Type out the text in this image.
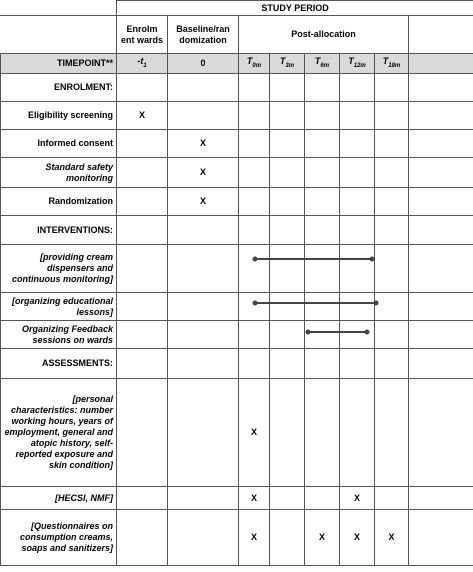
	STUDY PERIOD							
	Enrolm ent wards	Baseline/ran domization	Post-allocation					
TIMEPOINT**	$-t_1$	0	$T_{0m}$	$T_{3m}$	$T_{6m}$	$T_{12m}$	$T_{18m}$	
ENROLMENT:								
Eligibility screening	X							
Informed consent		X						
Standard safety monitoring		X						
Randomization		X						
INTERVENTIONS:								
[providing cream dispensers and continuous monitoring]								
[organizing educational lessons]								
Organizing Feedback sessions on wards								
ASSESSMENTS:								
[personal characteristics: number working hours, years of employment, general and atopic history, self-reported exposure and skin condition]			X					
[HECSI, NMF]			X			X		
[Questionnaires on consumption creams, soaps and sanitizers]			X		X	X	X	
